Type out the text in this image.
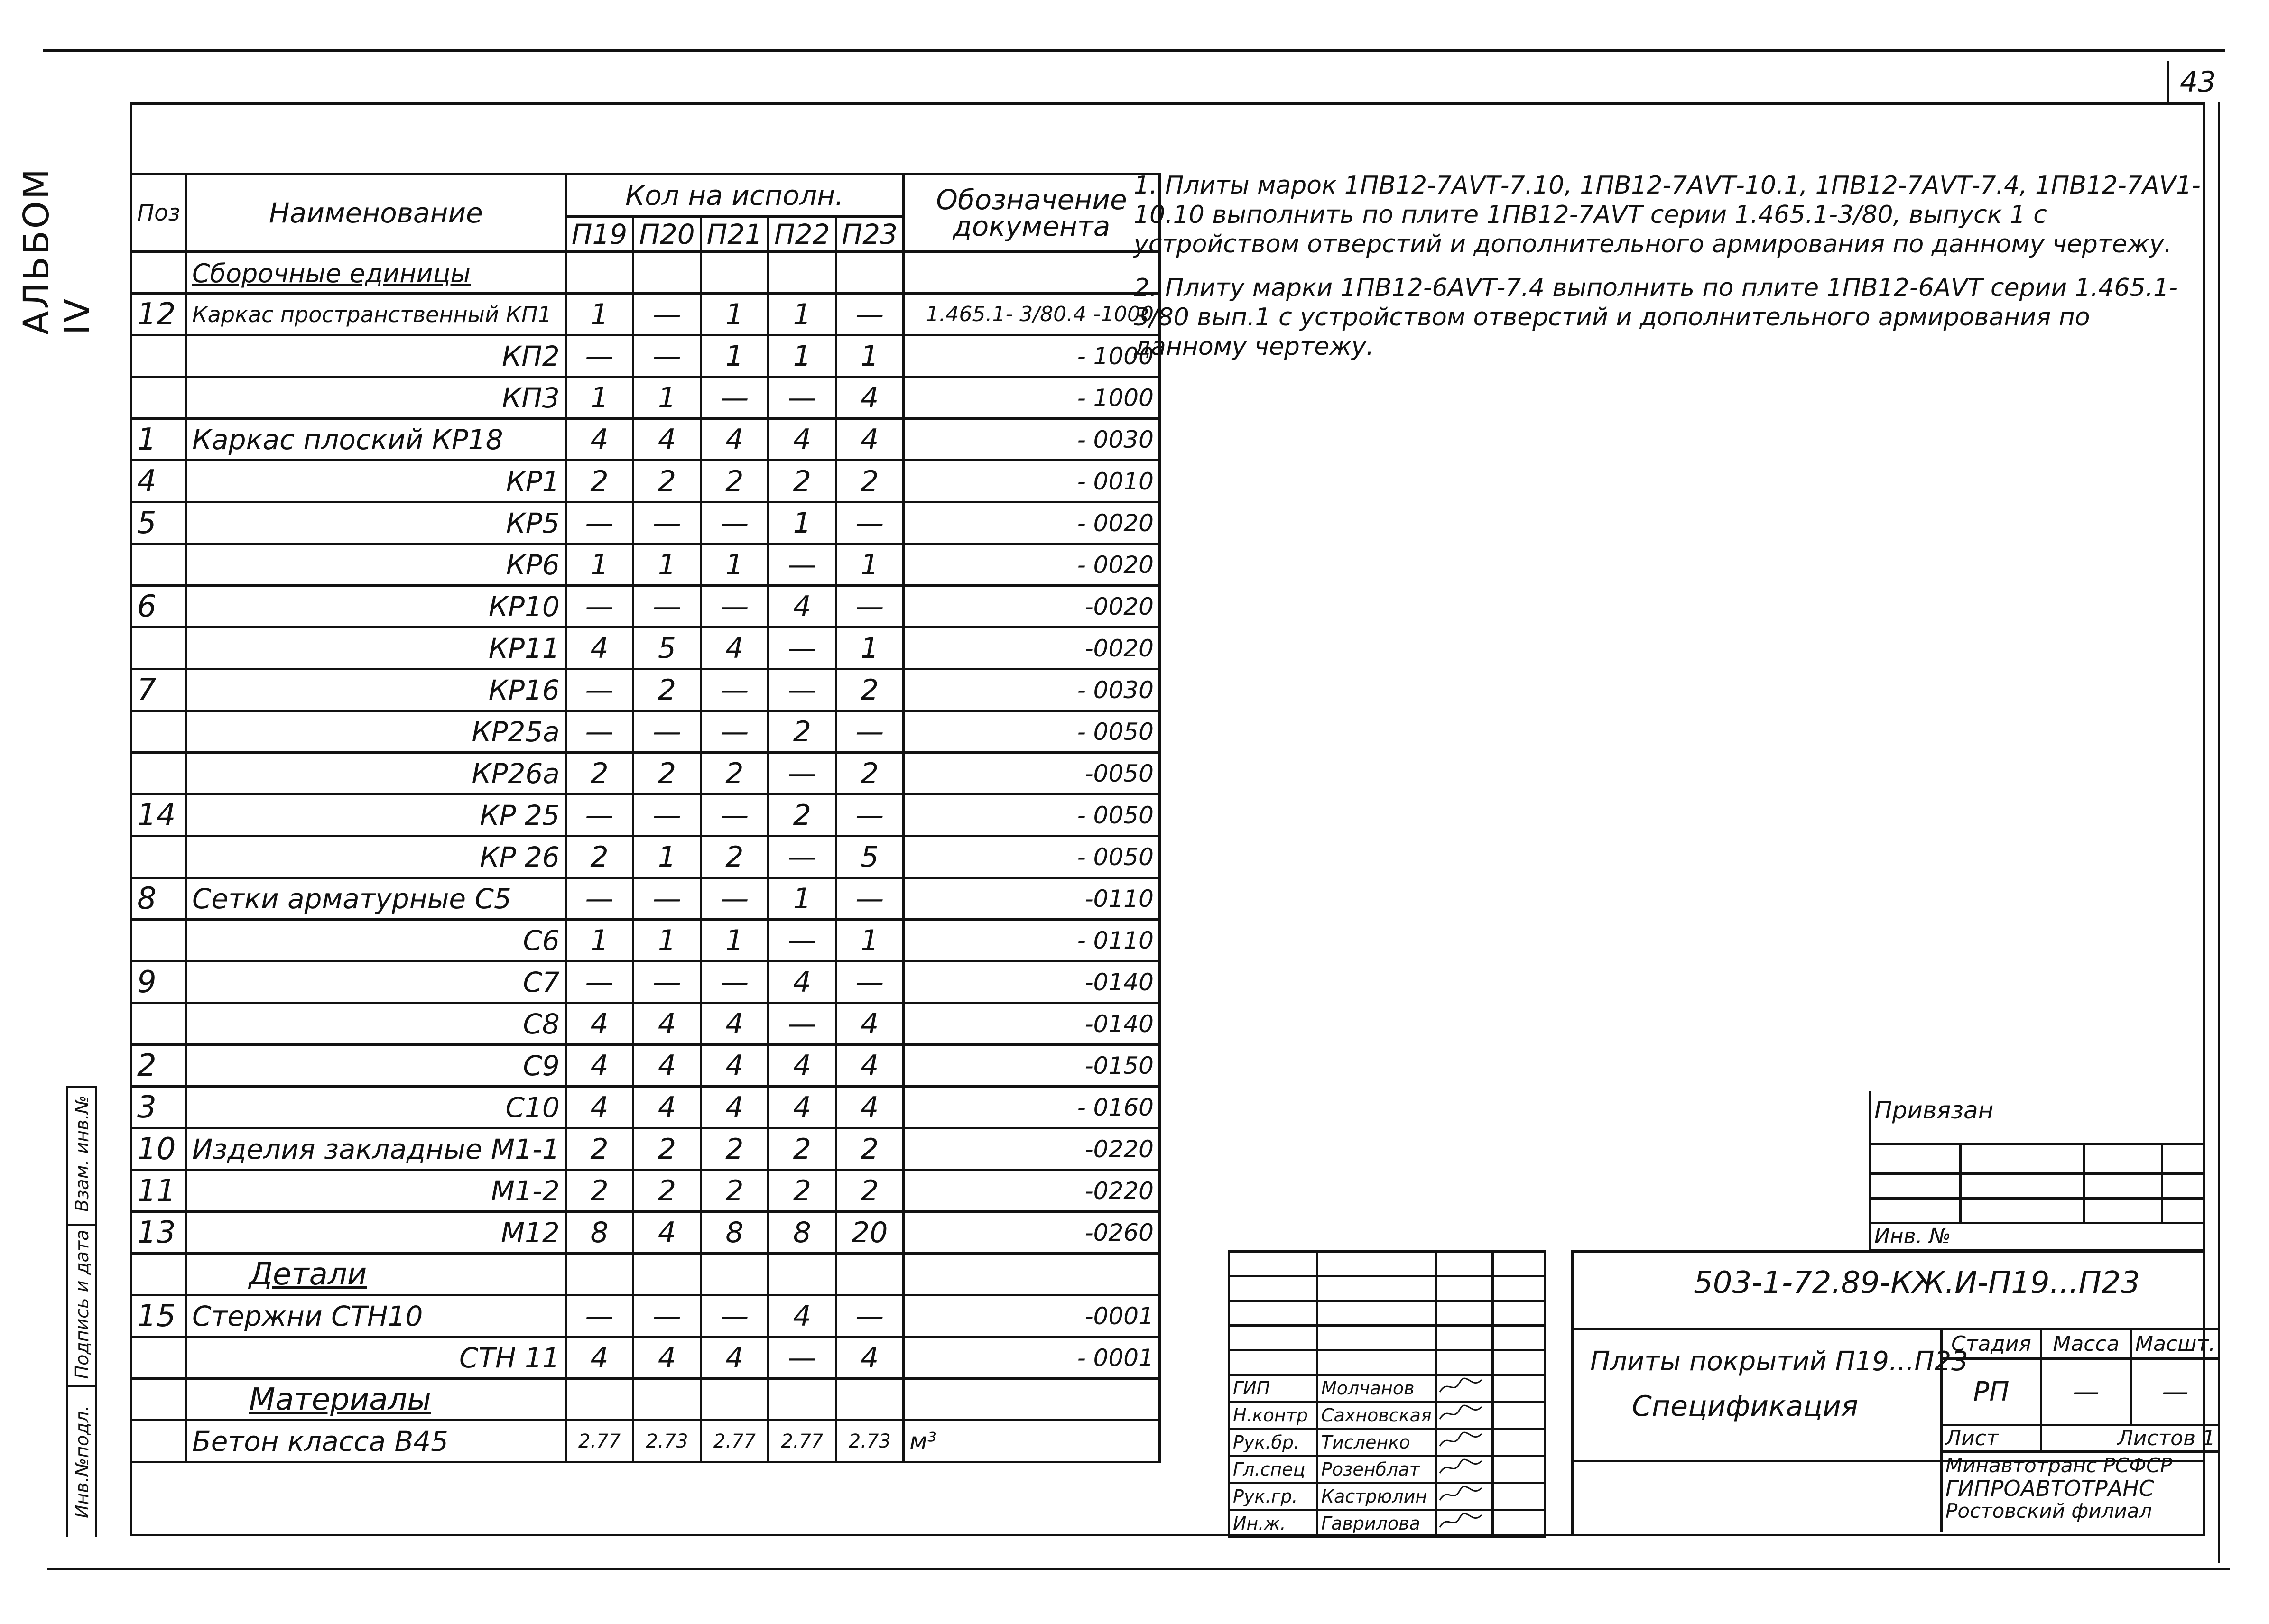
43
АЛЬБОМ IV
Взам. инв.№
Подпись и дата
Инв.№подл.
Поз	Наименование	Кол на исполн.					Обозначение документа
		П19	П20	П21	П22	П23	
	Сборочные единицы						
12	Каркас пространственный КП1	1	—	1	1	—	1.465.1- 3/80.4 -1000
	КП2	—	—	1	1	1	- 1000
	КП3	1	1	—	—	4	- 1000
1	Каркас плоский КР18	4	4	4	4	4	- 0030
4	КР1	2	2	2	2	2	- 0010
5	КР5	—	—	—	1	—	- 0020
	КР6	1	1	1	—	1	- 0020
6	КР10	—	—	—	4	—	-0020
	КР11	4	5	4	—	1	-0020
7	КР16	—	2	—	—	2	- 0030
	КР25а	—	—	—	2	—	- 0050
	КР26а	2	2	2	—	2	-0050
14	КР 25	—	—	—	2	—	- 0050
	КР 26	2	1	2	—	5	- 0050
8	Сетки арматурные С5	—	—	—	1	—	-0110
	С6	1	1	1	—	1	- 0110
9	С7	—	—	—	4	—	-0140
	С8	4	4	4	—	4	-0140
2	С9	4	4	4	4	4	-0150
3	С10	4	4	4	4	4	- 0160
10	Изделия закладные М1-1	2	2	2	2	2	-0220
11	М1-2	2	2	2	2	2	-0220
13	М12	8	4	8	8	20	-0260
	Детали						
15	Стержни СТН10	—	—	—	4	—	-0001
	СТН 11	4	4	4	—	4	- 0001
	Материалы						
	Бетон класса В45	2.77	2.73	2.77	2.77	2.73	м³

1. Плиты марок 1ПВ12-7АⅤТ-7.10, 1ПВ12-7АⅤТ-10.1, 1ПВ12-7АⅤТ-7.4, 1ПВ12-7АⅤ1-10.10 выполнить по плите 1ПВ12-7АⅤТ серии 1.465.1-3/80, выпуск 1 с устройством отверстий и дополнительного армирования по данному чертежу.

2. Плиту марки 1ПВ12-6АⅤТ-7.4 выполнить по плите 1ПВ12-6АⅤТ серии 1.465.1-3/80 вып.1 с устройством отверстий и дополнительного армирования по данному чертежу.

Привязан			

Инв. №			

ГИП	Молчанов		
Н.контр	Сахновская		
Рук.бр.	Тисленко		
Гл.спец	Розенблат		
Рук.гр.	Кастрюлин		
Ин.ж.	Гаврилова		
503-1-72.89-КЖ.И-П19...П23
Плиты покрытий П19...П23
Спецификация
Стадия	Масса	Масшт.
РП	—	—
Лист	Листов 1	

Минавтотранс РСФСР
ГИПРОАВТОТРАНС
Ростовский филиал		
